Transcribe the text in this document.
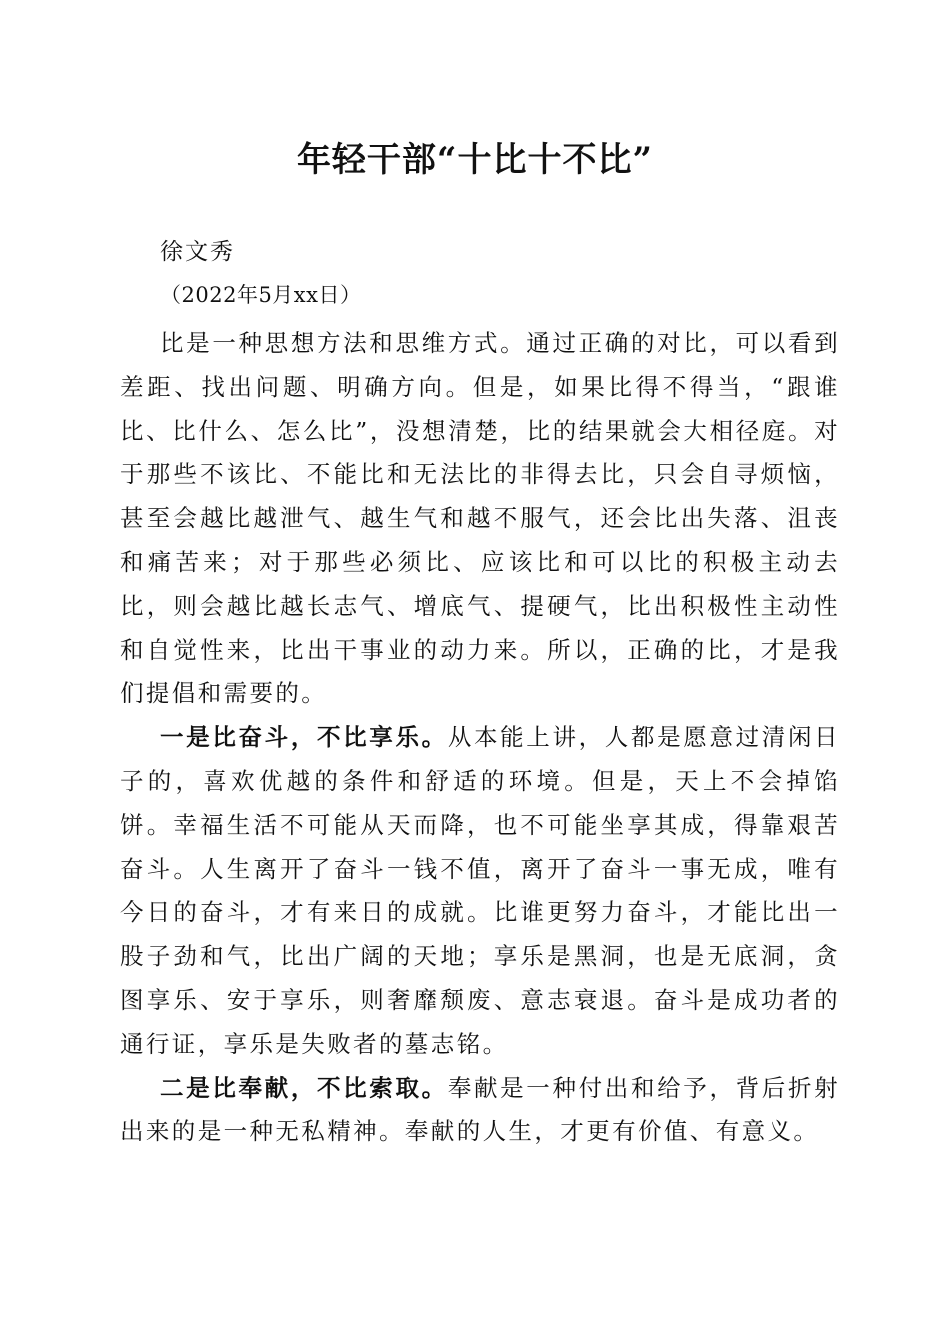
年轻干部“十比十不比”
徐文秀
（2022年5月xx日）

比是一种思想方法和思维方式。通过正确的对比，可以看到差距、找出问题、明确方向。但是，如果比得不得当，“跟谁比、比什么、怎么比”，没想清楚，比的结果就会大相径庭。对于那些不该比、不能比和无法比的非得去比，只会自寻烦恼，甚至会越比越泄气、越生气和越不服气，还会比出失落、沮丧和痛苦来；对于那些必须比、应该比和可以比的积极主动去比，则会越比越长志气、增底气、提硬气，比出积极性主动性和自觉性来，比出干事业的动力来。所以，正确的比，才是我们提倡和需要的。

一是比奋斗，不比享乐。从本能上讲，人都是愿意过清闲日子的，喜欢优越的条件和舒适的环境。但是，天上不会掉馅饼。幸福生活不可能从天而降，也不可能坐享其成，得靠艰苦奋斗。人生离开了奋斗一钱不值，离开了奋斗一事无成，唯有今日的奋斗，才有来日的成就。比谁更努力奋斗，才能比出一股子劲和气，比出广阔的天地；享乐是黑洞，也是无底洞，贪图享乐、安于享乐，则奢靡颓废、意志衰退。奋斗是成功者的通行证，享乐是失败者的墓志铭。

二是比奉献，不比索取。奉献是一种付出和给予，背后折射出来的是一种无私精神。奉献的人生，才更有价值、有意义。
